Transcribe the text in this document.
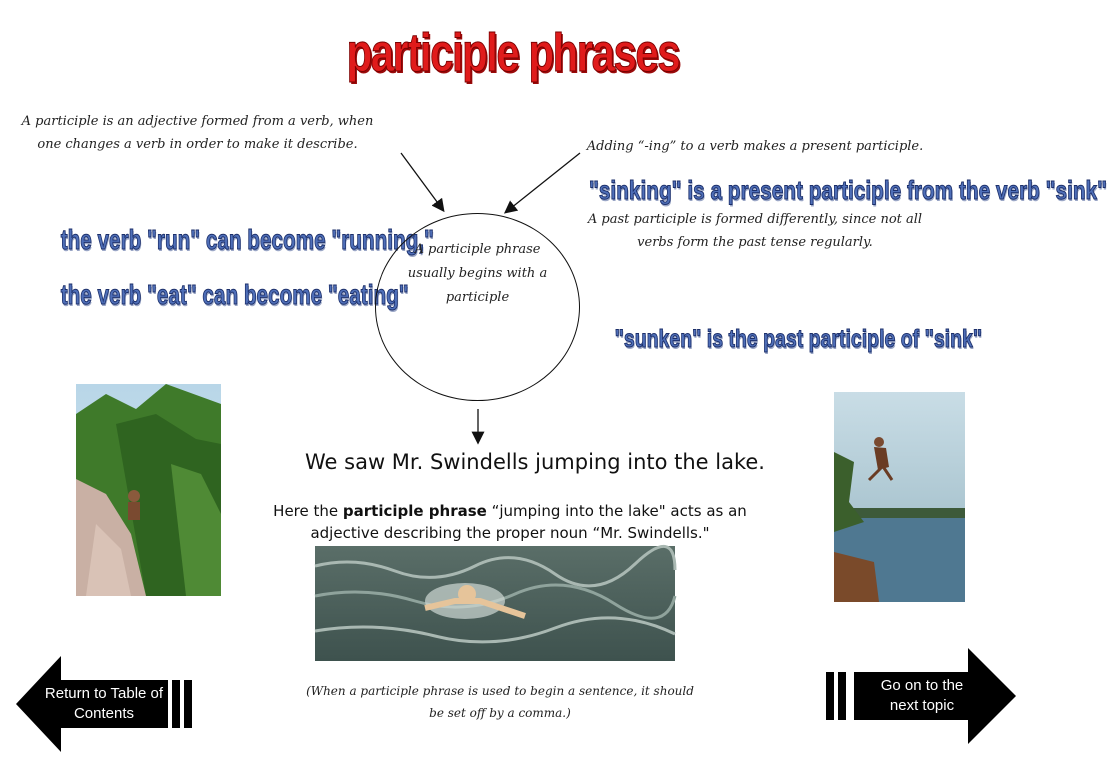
participle phrases
A participle is an adjective formed from a verb, when one changes a verb in order to make it describe.	Adding “-ing” to a verb makes a present participle.
"sinking" is a present participle from the verb "sink"
A past participle is formed differently, since not all verbs form the past tense regularly.
the verb "run" can become "running,"
the verb "eat" can become "eating"
A participle phrase usually begins with a participle
"sunken" is the past participle of "sink"
We saw Mr. Swindells jumping into the lake.
Here the participle phrase “jumping into the lake" acts as an adjective describing the proper noun “Mr. Swindells."
(When a participle phrase is used to begin a sentence, it should be set off by a comma.)
Return to Table of Contents
Go on to the next topic
